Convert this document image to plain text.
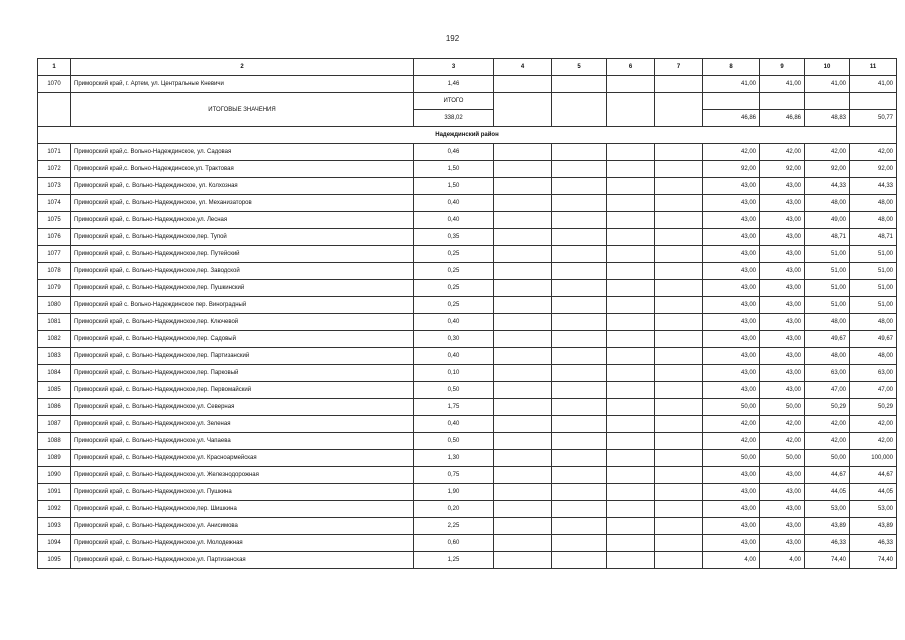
192
1	2	3	4	5	6	7	8	9	10	11
1070	Приморский край, г. Артем, ул. Центральные Кневичи	1,46					41,00	41,00	41,00	41,00
	ИТОГОВЫЕ ЗНАЧЕНИЯ	ИТОГО								
		338,02					46,86	46,86	48,83	50,77
Надеждинский район										
1071	Приморский край,с. Вольно-Надеждинское, ул. Садовая	0,46					42,00	42,00	42,00	42,00
1072	Приморский край,с. Вольно-Надеждинское,ул. Трактовая	1,50					92,00	92,00	92,00	92,00
1073	Приморский край, с. Вольно-Надеждинское, ул. Колхозная	1,50					43,00	43,00	44,33	44,33
1074	Приморский край, с. Вольно-Надеждинское, ул. Механизаторов	0,40					43,00	43,00	48,00	48,00
1075	Приморский край, с. Вольно-Надеждинское,ул. Лесная	0,40					43,00	43,00	49,00	48,00
1076	Приморский край, с. Вольно-Надеждинское,пер. Тупой	0,35					43,00	43,00	48,71	48,71
1077	Приморский край, с. Вольно-Надеждинское,пер. Путейский	0,25					43,00	43,00	51,00	51,00
1078	Приморский край, с. Вольно-Надеждинское,пер. Заводской	0,25					43,00	43,00	51,00	51,00
1079	Приморский край, с. Вольно-Надеждинское,пер. Пушкинский	0,25					43,00	43,00	51,00	51,00
1080	Приморский край с. Вольно-Надеждинское пер. Виноградный	0,25					43,00	43,00	51,00	51,00
1081	Приморский край, с. Вольно-Надеждинское,пер. Ключевой	0,40					43,00	43,00	48,00	48,00
1082	Приморский край, с. Вольно-Надеждинское,пер. Садовый	0,30					43,00	43,00	49,67	49,67
1083	Приморский край, с. Вольно-Надеждинское,пер. Партизанский	0,40					43,00	43,00	48,00	48,00
1084	Приморский край, с. Вольно-Надеждинское,пер. Парковый	0,10					43,00	43,00	63,00	63,00
1085	Приморский край, с. Вольно-Надеждинское,пер. Первомайский	0,50					43,00	43,00	47,00	47,00
1086	Приморский край, с. Вольно-Надеждинское,ул. Северная	1,75					50,00	50,00	50,29	50,29
1087	Приморский край, с. Вольно-Надеждинское,ул. Зеленая	0,40					42,00	42,00	42,00	42,00
1088	Приморский край, с. Вольно-Надеждинское,ул. Чапаева	0,50					42,00	42,00	42,00	42,00
1089	Приморский край, с. Вольно-Надеждинское,ул. Красноармейская	1,30					50,00	50,00	50,00	100,000
1090	Приморский край, с. Вольно-Надеждинское,ул. Железнодорожная	0,75					43,00	43,00	44,67	44,67
1091	Приморский край, с. Вольно-Надеждинское,ул. Пушкина	1,90					43,00	43,00	44,05	44,05
1092	Приморский край, с. Вольно-Надеждинское,пер. Шишкина	0,20					43,00	43,00	53,00	53,00
1093	Приморский край, с. Вольно-Надеждинское,ул. Анисимова	2,25					43,00	43,00	43,89	43,89
1094	Приморский край, с. Вольно-Надеждинское,ул. Молодежная	0,60					43,00	43,00	46,33	46,33
1095	Приморский край, с. Вольно-Надеждинское,ул. Партизанская	1,25					4,00	4,00	74,40	74,40
